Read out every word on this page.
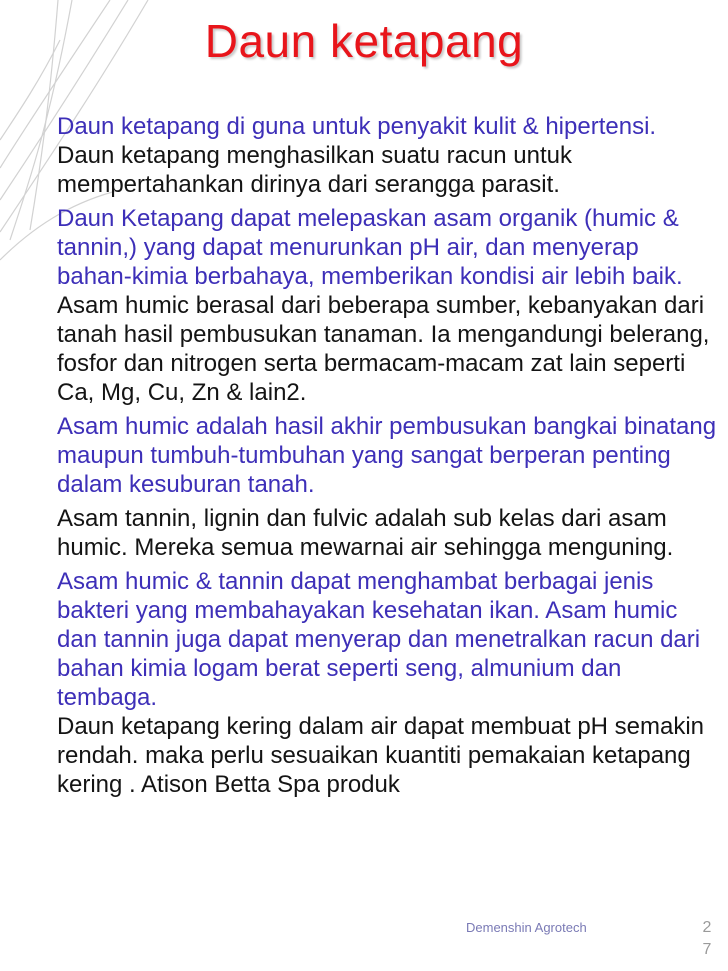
Daun ketapang
Daun ketapang di guna untuk penyakit kulit & hipertensi. Daun ketapang menghasilkan suatu racun untuk mempertahankan dirinya dari serangga parasit.
Daun Ketapang dapat melepaskan asam organik (humic & tannin,) yang dapat menurunkan pH air, dan menyerap bahan-kimia berbahaya, memberikan kondisi air lebih baik.
Asam humic berasal dari beberapa sumber, kebanyakan dari tanah hasil pembusukan tanaman. Ia mengandungi belerang, fosfor dan nitrogen serta bermacam-macam zat lain seperti Ca, Mg, Cu, Zn & lain2.
Asam humic adalah hasil akhir pembusukan bangkai binatang maupun tumbuh-tumbuhan yang sangat berperan penting dalam kesuburan tanah.
Asam tannin, lignin dan fulvic adalah sub kelas dari asam humic. Mereka semua mewarnai air sehingga menguning.
Asam humic & tannin dapat menghambat berbagai jenis bakteri yang membahayakan kesehatan ikan. Asam humic dan tannin juga dapat menyerap dan menetralkan racun dari bahan kimia logam berat seperti seng, almunium dan tembaga.
Daun ketapang kering dalam air dapat membuat pH semakin rendah. maka perlu sesuaikan kuantiti pemakaian ketapang kering . Atison Betta Spa produk
Demenshin Agrotech	2
7
